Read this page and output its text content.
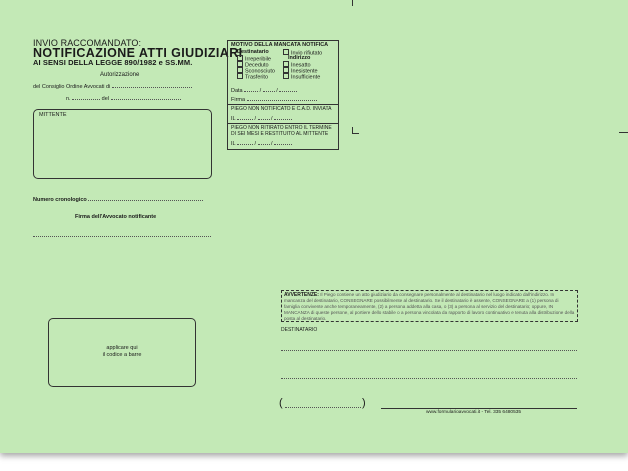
INVIO RACCOMANDATO:
NOTIFICAZIONE ATTI GIUDIZIARI
AI SENSI DELLA LEGGE 890/1982 e SS.MM.
Autorizzazione
del Consiglio Ordine Avvocati di
n.	del
MITTENTE
Numero cronologico
Firma dell'Avvocato notificante
applicare qui
il codice a barre
MOTIVO DELLA MANCATA NOTIFICA
Destinatario
Irreperibile
Deceduto
Sconosciuto
Trasferito
Invio rifiutato
Indirizzo
Inesatto
Inesistente
Insufficiente
Data	/  /
Firma
PIEGO NON NOTIFICATO E C.A.D. INVIATA
IL	/  /
PIEGO NON RITIRATO ENTRO IL TERMINE
DI SEI MESI E RESTITUITO AL MITTENTE
IL	/  /
AVVERTENZE: Il Piego contiene un atto giudiziario da consegnare personalmente al destinatario nel luogo indicato dall'indirizzo. In mancanza del destinatario, CONSEGNARE possibilmente al destinatario. Se il destinatario è assente, CONSEGNARE a (1) persona di famiglia convivente anche temporaneamente, (2) a persona addetta alla casa, o (3) a persona al servizio del destinatario; oppure, IN MANCANZA di queste persone, al portiere dello stabile o a persona vincolata da rapporto di lavoro continuativo e tenuta alla distribuzione della posta al destinatario.
DESTINATARIO
(	)
www.formularioavvocati.it - Tel. 335 6480535
